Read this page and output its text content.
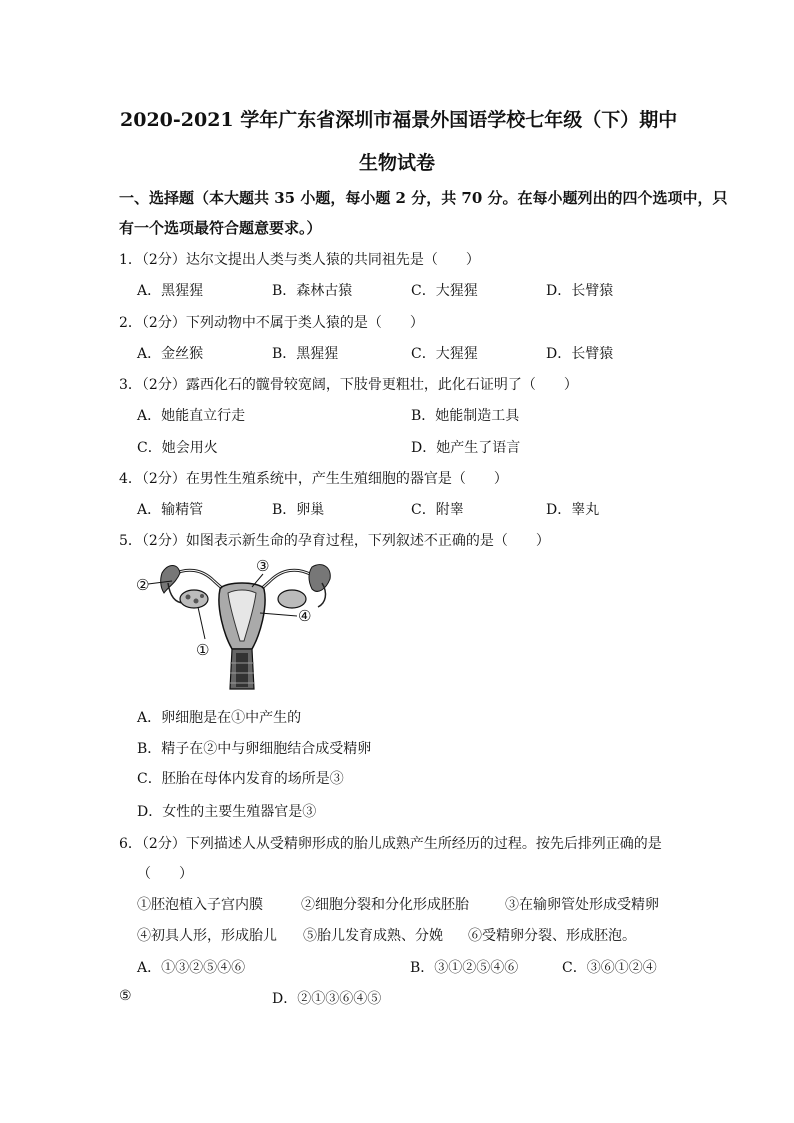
2020-2021 学年广东省深圳市福景外国语学校七年级（下）期中
生物试卷
一、选择题（本大题共 35 小题，每小题 2 分，共 70 分。在每小题列出的四个选项中，只
有一个选项最符合题意要求。）
1．（2分）达尔文提出人类与类人猿的共同祖先是（　　）
A．黑猩猩	B．森林古猿	C．大猩猩	D．长臂猿
2．（2分）下列动物中不属于类人猿的是（　　）
A．金丝猴	B．黑猩猩	C．大猩猩	D．长臂猿
3．（2分）露西化石的髋骨较宽阔，下肢骨更粗壮，此化石证明了（　　）
A．她能直立行走	B．她能制造工具
C．她会用火	D．她产生了语言
4．（2分）在男性生殖系统中，产生生殖细胞的器官是（　　）
A．输精管	B．卵巢	C．附睾	D．睾丸
5．（2分）如图表示新生命的孕育过程，下列叙述不正确的是（　　）
②
③
④
①
A．卵细胞是在①中产生的
B．精子在②中与卵细胞结合成受精卵
C．胚胎在母体内发育的场所是③
D．女性的主要生殖器官是③
6．（2分）下列描述人从受精卵形成的胎儿成熟产生所经历的过程。按先后排列正确的是
（　　）
①胚泡植入子宫内膜	②细胞分裂和分化形成胚胎	③在输卵管处形成受精卵
④初具人形，形成胎儿 ⑤胎儿发育成熟、分娩 ⑥受精卵分裂、形成胚泡。
A．①③②⑤④⑥	B．③①②⑤④⑥	C．③⑥①②④
⑤	D．②①③⑥④⑤
